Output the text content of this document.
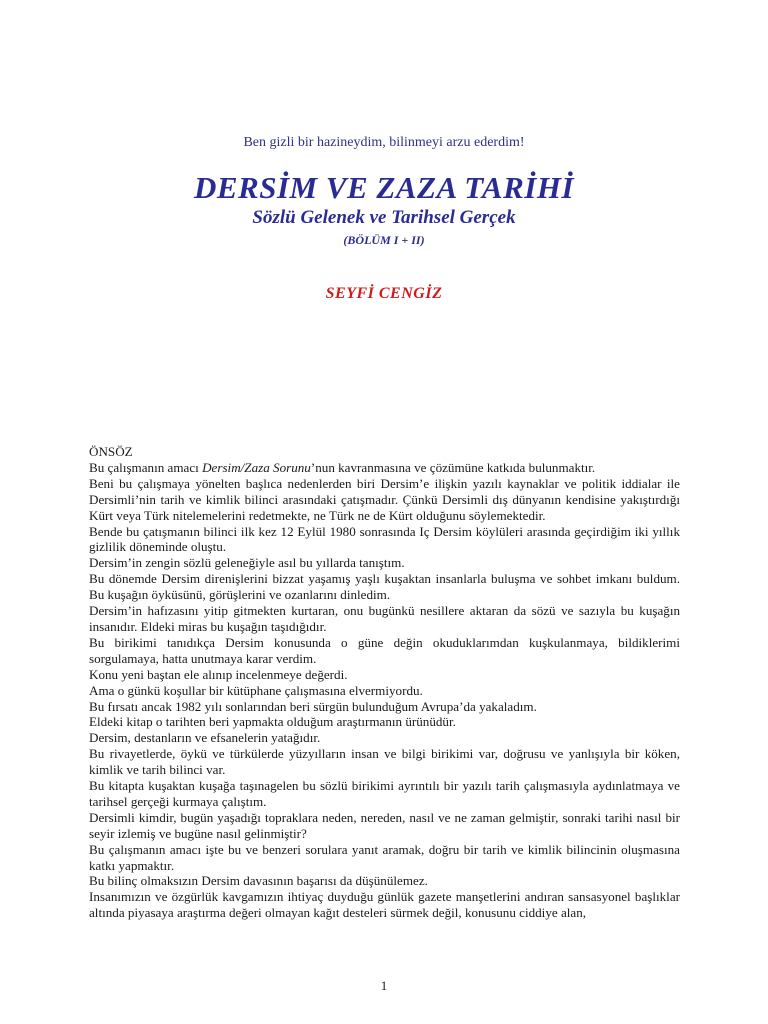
Ben gizli bir hazineydim, bilinmeyi arzu ederdim!
DERSİM VE ZAZA TARİHİ
Sözlü Gelenek ve Tarihsel Gerçek
(BÖLÜM I + II)
SEYFİ CENGİZ

ÖNSÖZ

Bu çalışmanın amacı Dersim/Zaza Sorunu’nun kavranmasına ve çözümüne katkıda bulunmaktır.

Beni bu çalışmaya yönelten başlıca nedenlerden biri Dersim’e ilişkin yazılı kaynaklar ve politik iddialar ile Dersimli’nin tarih ve kimlik bilinci arasındaki çatışmadır. Çünkü Dersimli dış dünyanın kendisine yakıştırdığı Kürt veya Türk nitelemelerini redetmekte, ne Türk ne de Kürt olduğunu söylemektedir.

Bende bu çatışmanın bilinci ilk kez 12 Eylül 1980 sonrasında Iç Dersim köylüleri arasında geçirdiğim iki yıllık gizlilik döneminde oluştu.

Dersim’in zengin sözlü geleneğiyle asıl bu yıllarda tanıştım.

Bu dönemde Dersim direnişlerini bizzat yaşamış yaşlı kuşaktan insanlarla buluşma ve sohbet imkanı buldum. Bu kuşağın öyküsünü, görüşlerini ve ozanlarını dinledim.

Dersim’in hafızasını yitip gitmekten kurtaran, onu bugünkü nesillere aktaran da sözü ve sazıyla bu kuşağın insanıdır. Eldeki miras bu kuşağın taşıdığıdır.

Bu birikimi tanıdıkça Dersim konusunda o güne değin okuduklarımdan kuşkulanmaya, bildiklerimi sorgulamaya, hatta unutmaya karar verdim.

Konu yeni baştan ele alınıp incelenmeye değerdi.

Ama o günkü koşullar bir kütüphane çalışmasına elvermiyordu.

Bu fırsatı ancak 1982 yılı sonlarından beri sürgün bulunduğum Avrupa’da yakaladım.

Eldeki kitap o tarihten beri yapmakta olduğum araştırmanın ürünüdür.

Dersim, destanların ve efsanelerin yatağıdır.

Bu rivayetlerde, öykü ve türkülerde yüzyılların insan ve bilgi birikimi var, doğrusu ve yanlışıyla bir köken, kimlik ve tarih bilinci var.

Bu kitapta kuşaktan kuşağa taşınagelen bu sözlü birikimi ayrıntılı bir yazılı tarih çalışmasıyla aydınlatmaya ve tarihsel gerçeği kurmaya çalıştım.

Dersimli kimdir, bugün yaşadığı topraklara neden, nereden, nasıl ve ne zaman gelmiştir, sonraki tarihi nasıl bir seyir izlemiş ve bugüne nasıl gelinmiştir?

Bu çalışmanın amacı işte bu ve benzeri sorulara yanıt aramak, doğru bir tarih ve kimlik bilincinin oluşmasına katkı yapmaktır.

Bu bilinç olmaksızın Dersim davasının başarısı da düşünülemez.

Insanımızın ve özgürlük kavgamızın ihtiyaç duyduğu günlük gazete manşetlerini andıran sansasyonel başlıklar altında piyasaya araştırma değeri olmayan kağıt desteleri sürmek değil, konusunu ciddiye alan,

1
